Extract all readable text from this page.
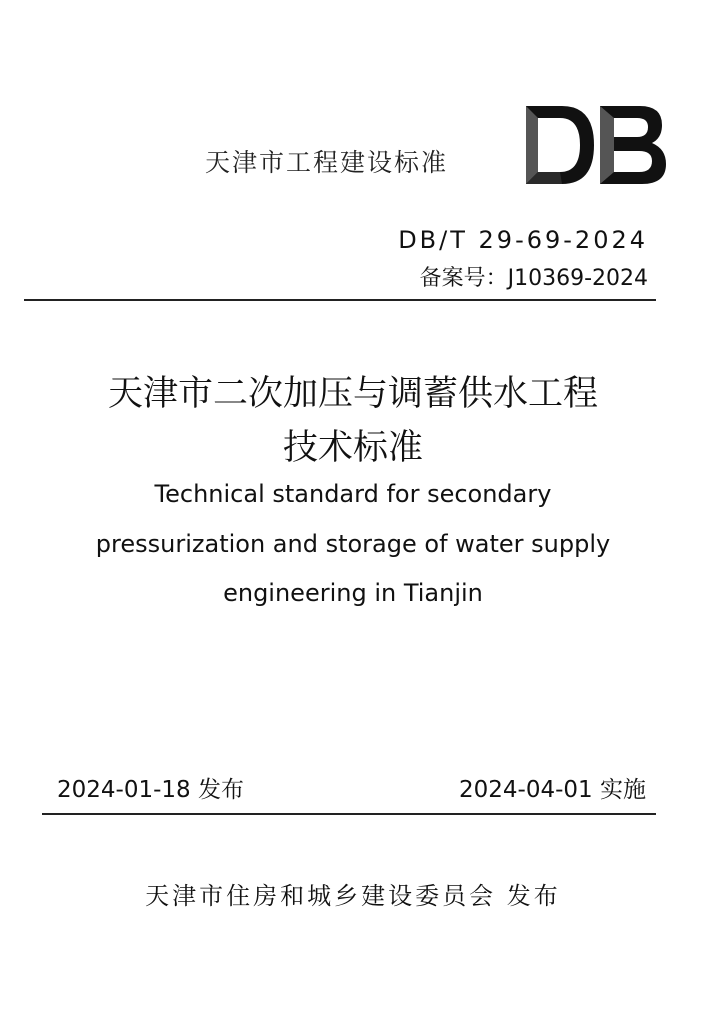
天津市工程建设标准
DB/T 29-69-2024
备案号：J10369-2024
天津市二次加压与调蓄供水工程
技术标准
Technical standard for secondary
pressurization and storage of water supply
engineering in Tianjin
2024-01-18 发布	2024-04-01 实施
天津市住房和城乡建设委员会 发布
